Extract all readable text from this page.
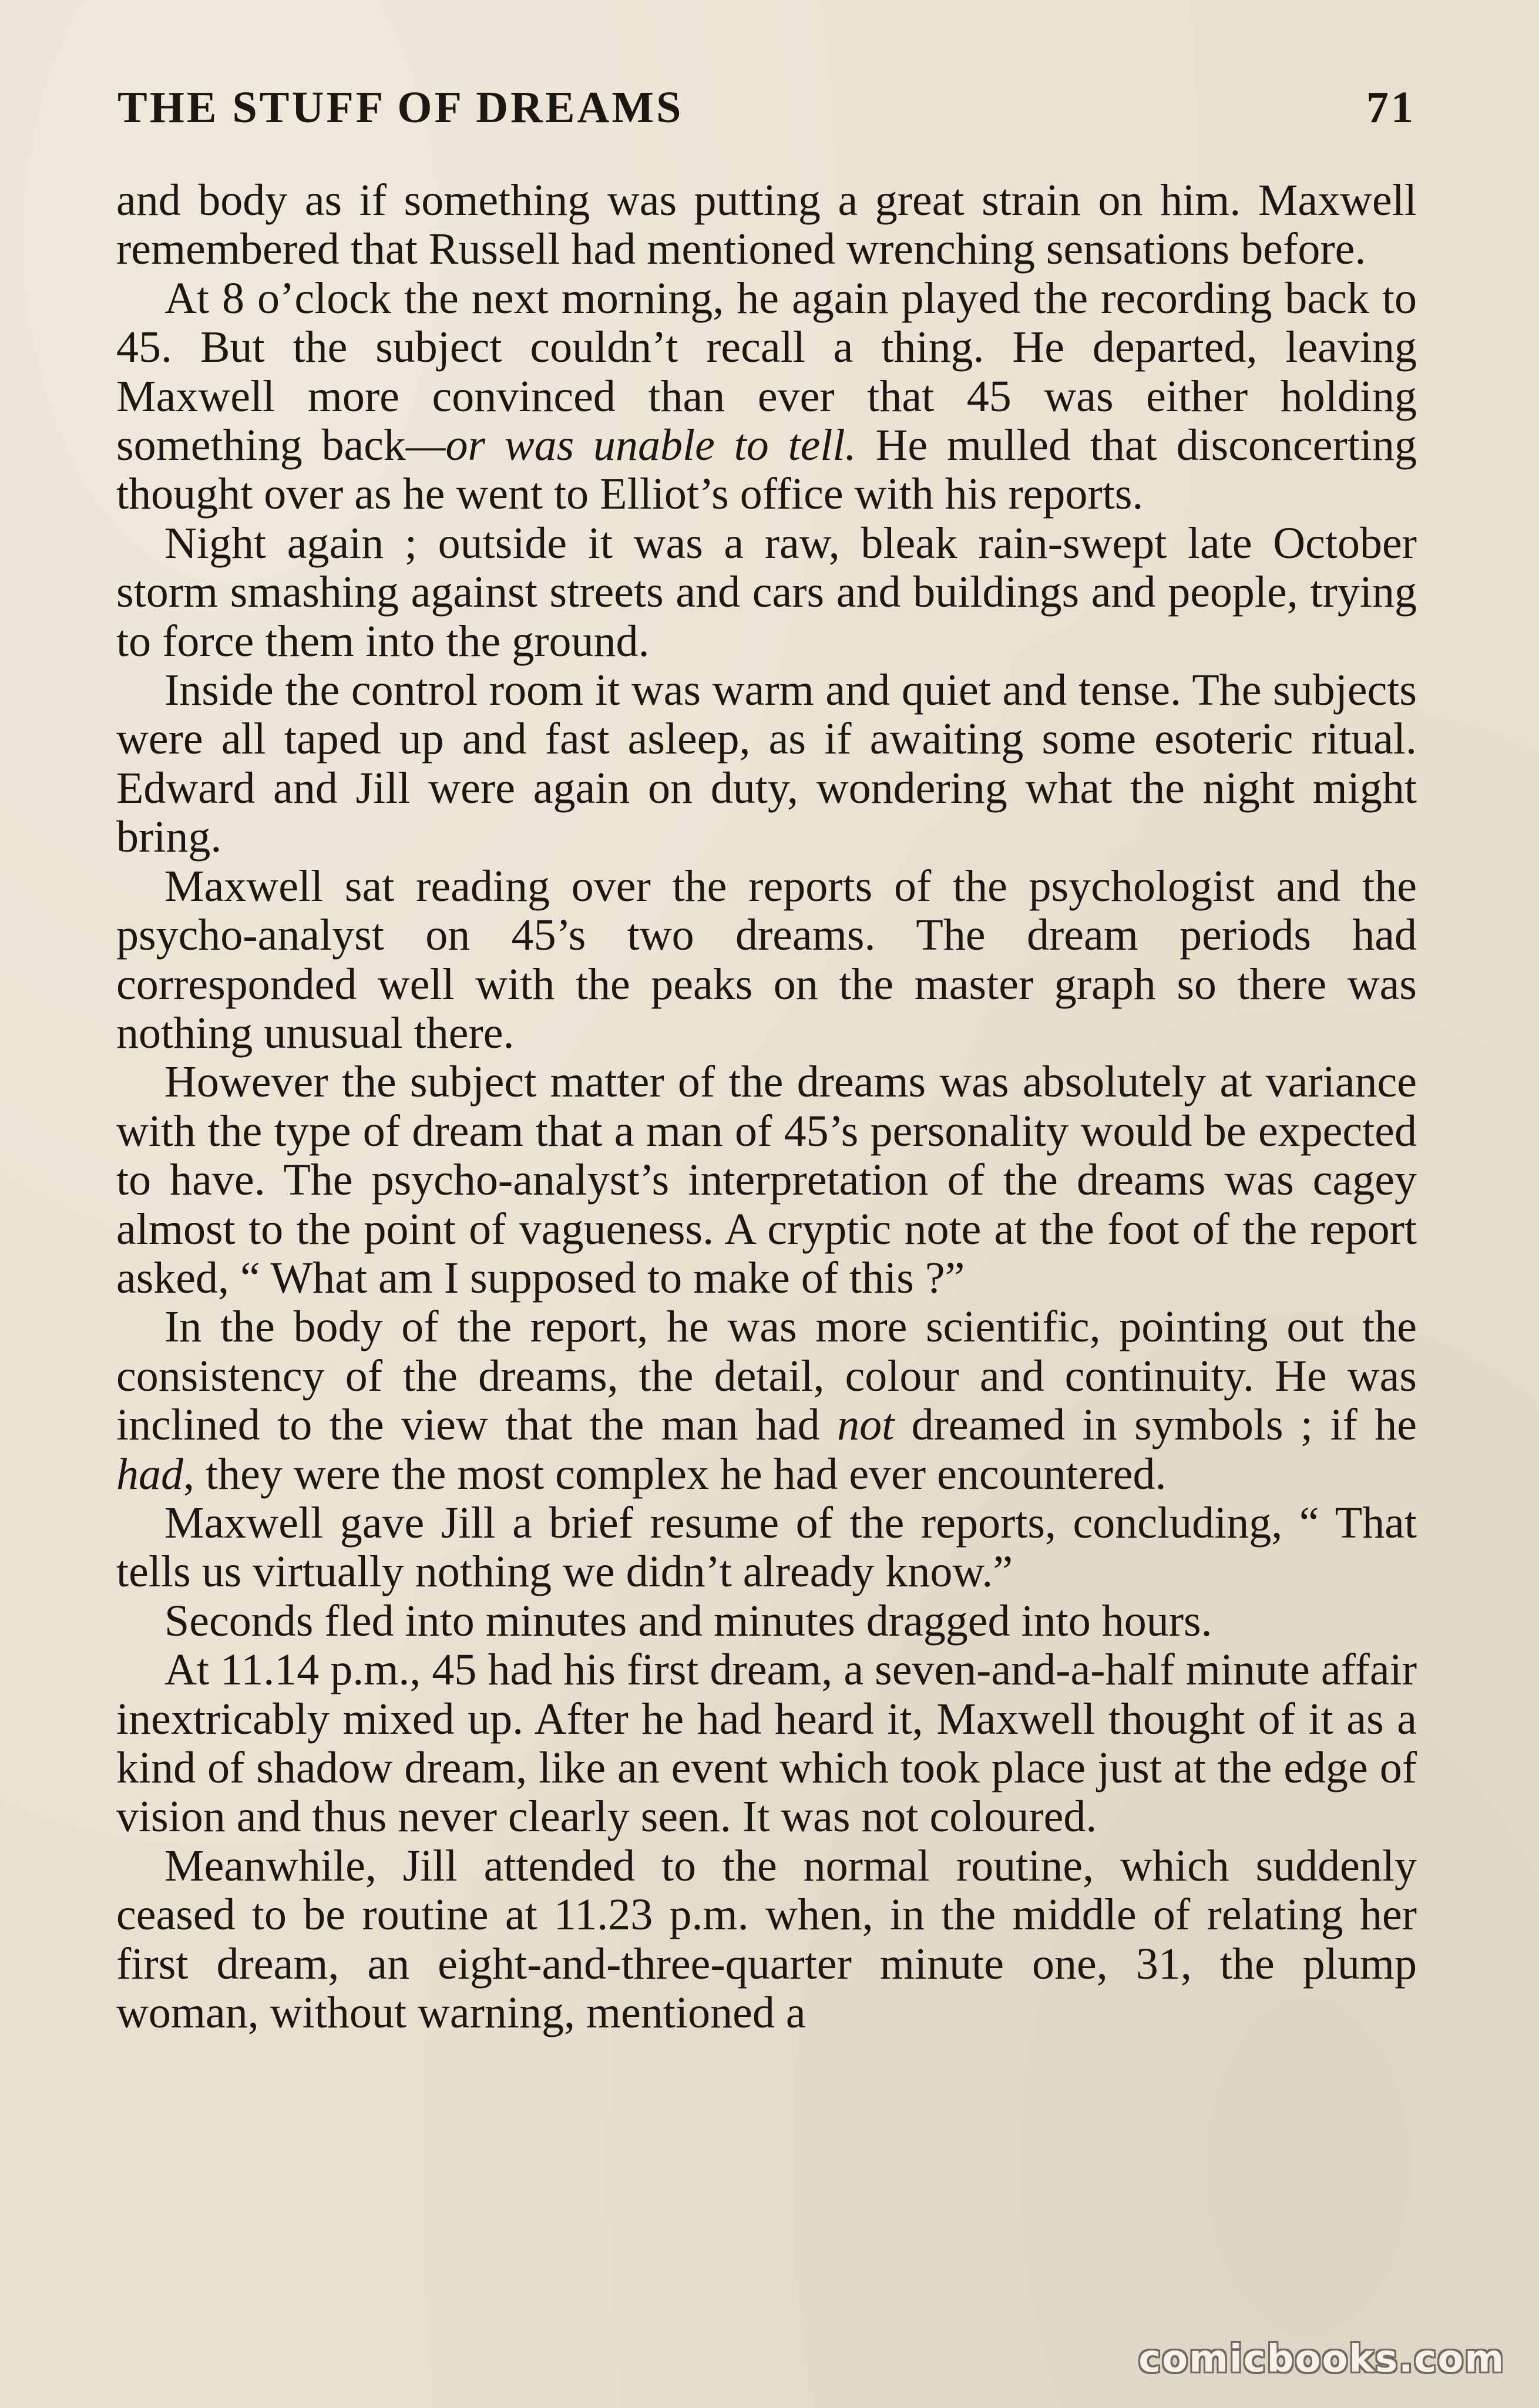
THE STUFF OF DREAMS	71

and body as if something was putting a great strain on him. Maxwell remembered that Russell had mentioned wrenching sensations before.

At 8 o’clock the next morning, he again played the recording back to 45. But the subject couldn’t recall a thing. He departed, leaving Maxwell more convinced than ever that 45 was either holding something back—or was unable to tell. He mulled that disconcerting thought over as he went to Elliot’s office with his reports.

Night again ; outside it was a raw, bleak rain-swept late October storm smashing against streets and cars and buildings and people, trying to force them into the ground.

Inside the control room it was warm and quiet and tense. The subjects were all taped up and fast asleep, as if awaiting some esoteric ritual. Edward and Jill were again on duty, wondering what the night might bring.

Maxwell sat reading over the reports of the psychologist and the psycho-analyst on 45’s two dreams. The dream periods had corresponded well with the peaks on the master graph so there was nothing unusual there.

However the subject matter of the dreams was absolutely at variance with the type of dream that a man of 45’s personality would be expected to have. The psycho-analyst’s interpretation of the dreams was cagey almost to the point of vagueness. A cryptic note at the foot of the report asked, “ What am I supposed to make of this ?”

In the body of the report, he was more scientific, pointing out the consistency of the dreams, the detail, colour and continuity. He was inclined to the view that the man had not dreamed in symbols ; if he had, they were the most complex he had ever encountered.

Maxwell gave Jill a brief resume of the reports, concluding, “ That tells us virtually nothing we didn’t already know.”

Seconds fled into minutes and minutes dragged into hours.

At 11.14 p.m., 45 had his first dream, a seven-and-a-half minute affair inextricably mixed up. After he had heard it, Maxwell thought of it as a kind of shadow dream, like an event which took place just at the edge of vision and thus never clearly seen. It was not coloured.

Meanwhile, Jill attended to the normal routine, which suddenly ceased to be routine at 11.23 p.m. when, in the middle of relating her first dream, an eight-and-three-quarter minute one, 31, the plump woman, without warning, mentioned a

comicbooks.com
